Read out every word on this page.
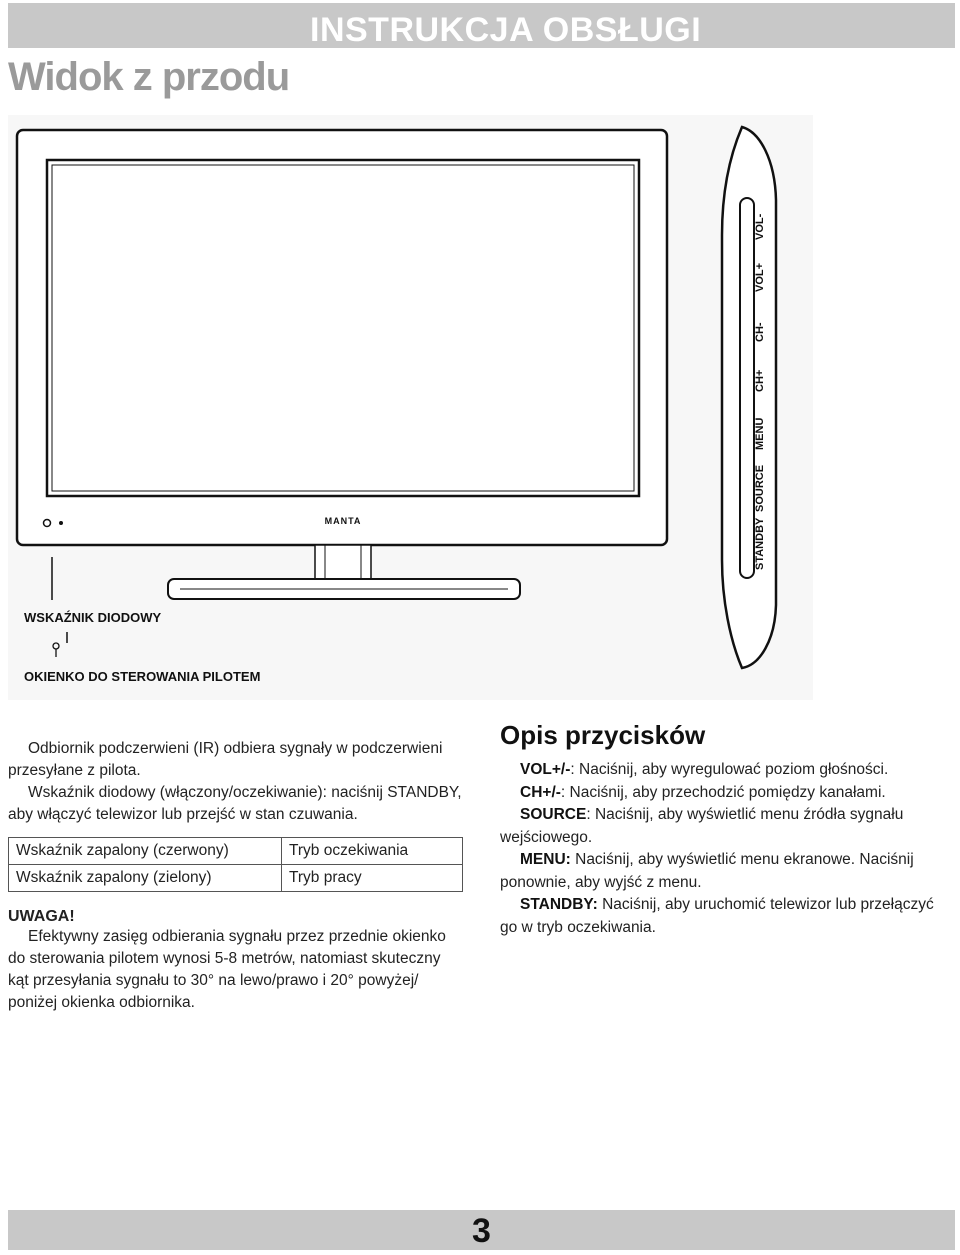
INSTRUKCJA OBSŁUGI
Widok z przodu
MANTA
WSKAŹNIK DIODOWY
OKIENKO DO STEROWANIA PILOTEM
STANDBY
SOURCE
MENU
CH+
CH-
VOL+
VOL-

Odbiornik podczerwieni (IR) odbiera sygnały w podczerwieni przesyłane z pilota.

Wskaźnik diodowy (włączony/oczekiwanie): naciśnij STANDBY, aby włączyć telewizor lub przejść w stan czuwania.

Wskaźnik zapalony (czerwony)	Tryb oczekiwania
Wskaźnik zapalony (zielony)	Tryb pracy
UWAGA!

Efektywny zasięg odbierania sygnału przez przednie okienko do sterowania pilotem wynosi 5-8 metrów, natomiast skuteczny kąt przesyłania sygnału to 30° na lewo/prawo i 20° powyżej/ poniżej okienka odbiornika.

Opis przycisków

VOL+/-: Naciśnij, aby wyregulować poziom głośności.

CH+/-: Naciśnij, aby przechodzić pomiędzy kanałami.

SOURCE: Naciśnij, aby wyświetlić menu źródła sygnału wejściowego.

MENU: Naciśnij, aby wyświetlić menu ekranowe. Naciśnij ponownie, aby wyjść z menu.

STANDBY: Naciśnij, aby uruchomić telewizor lub przełączyć go w tryb oczekiwania.

3
